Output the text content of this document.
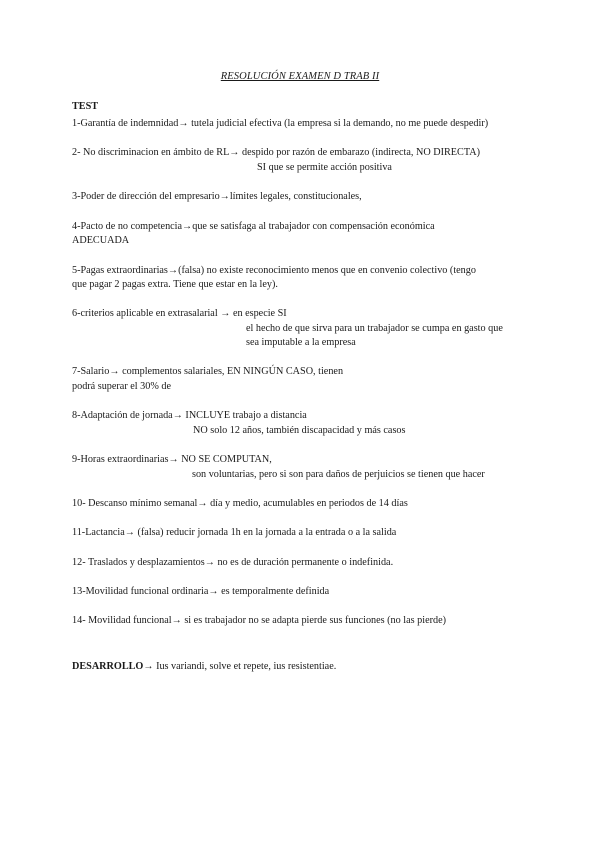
RESOLUCIÓN EXAMEN D TRAB II
TEST
1-Garantía de indemnidad→ tutela judicial efectiva (la empresa si la demando, no me puede despedir)
2- No discriminacion en ámbito de RL→ despido por razón de embarazo (indirecta, NO DIRECTA)
SI que se permite acción positiva
3-Poder de dirección del empresario→límites legales, constitucionales,
4-Pacto de no competencia→que se satisfaga al trabajador con compensación económica
ADECUADA
5-Pagas extraordinarias→(falsa) no existe reconocimiento menos que en convenio colectivo (tengo
que pagar 2 pagas extra. Tiene que estar en la ley).
6-criterios aplicable en extrasalarial → en especie SI
el hecho de que sirva para un trabajador se cumpa en gasto que
sea imputable a la empresa
7-Salario→ complementos salariales, EN NINGÚN CASO, tienen
podrá superar el 30% de
8-Adaptación de jornada→ INCLUYE trabajo a distancia
NO solo 12 años, también discapacidad y más casos
9-Horas extraordinarias→ NO SE COMPUTAN,
son voluntarias, pero si son para daños de perjuicios se tienen que hacer
10- Descanso mínimo semanal→ día y medio, acumulables en periodos de 14 días
11-Lactancia→ (falsa) reducir jornada 1h en la jornada a la entrada o a la salida
12- Traslados y desplazamientos→ no es de duración permanente o indefinida.
13-Movilidad funcional ordinaria→ es temporalmente definida
14- Movilidad funcional→ si es trabajador no se adapta pierde sus funciones (no las pierde)
DESARROLLO→ Ius variandi, solve et repete, ius resistentiae.
